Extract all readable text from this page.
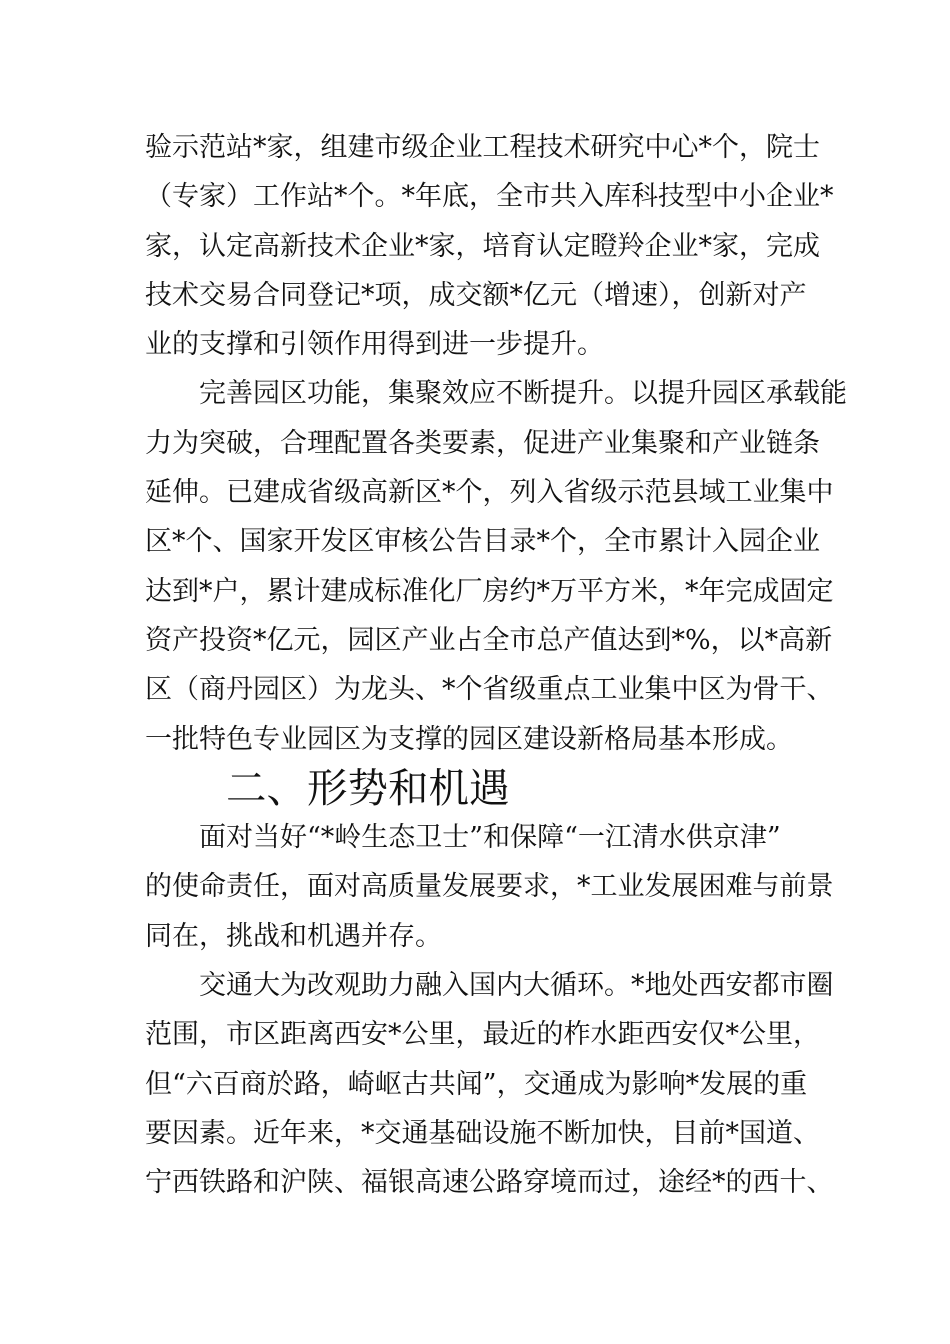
验示范站*家，组建市级企业工程技术研究中心*个，院士
（专家）工作站*个。*年底，全市共入库科技型中小企业*
家，认定高新技术企业*家，培育认定瞪羚企业*家，完成
技术交易合同登记*项，成交额*亿元（增速），创新对产
业的支撑和引领作用得到进一步提升。

完善园区功能，集聚效应不断提升。以提升园区承载能
力为突破，合理配置各类要素，促进产业集聚和产业链条
延伸。已建成省级高新区*个，列入省级示范县域工业集中
区*个、国家开发区审核公告目录*个，全市累计入园企业
达到*户，累计建成标准化厂房约*万平方米，*年完成固定
资产投资*亿元，园区产业占全市总产值达到*%，以*高新
区（商丹园区）为龙头、*个省级重点工业集中区为骨干、
一批特色专业园区为支撑的园区建设新格局基本形成。

二、形势和机遇

面对当好“*岭生态卫士”和保障“一江清水供京津”
的使命责任，面对高质量发展要求，*工业发展困难与前景
同在，挑战和机遇并存。

交通大为改观助力融入国内大循环。*地处西安都市圈
范围，市区距离西安*公里，最近的柞水距西安仅*公里，
但“六百商於路，崎岖古共闻”，交通成为影响*发展的重
要因素。近年来，*交通基础设施不断加快，目前*国道、
宁西铁路和沪陕、福银高速公路穿境而过，途经*的西十、
